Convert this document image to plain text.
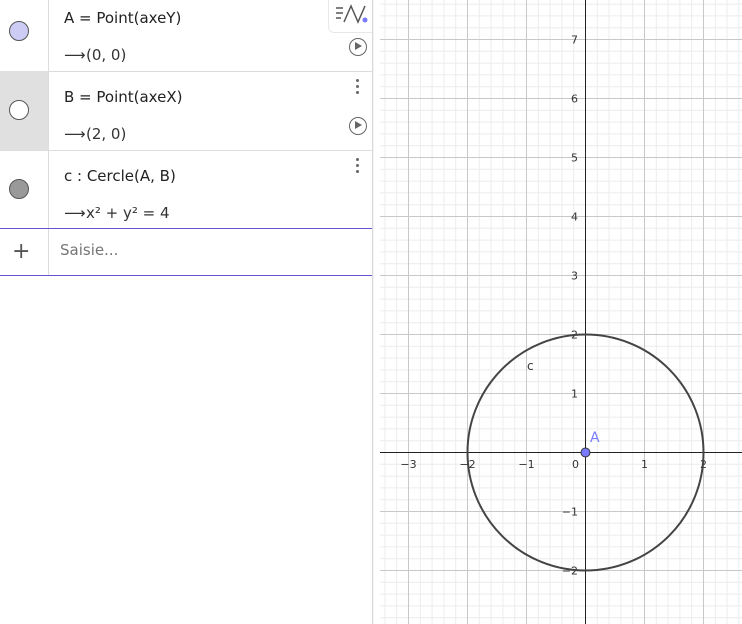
A = Point(axeY)
⟶(0, 0)
B = Point(axeX)
⟶(2, 0)
c : Cercle(A, B)
⟶x² + y² = 4
+
Saisie...
−3	−2	−1	1	2
7
6
5
4
3
2
1
−1
−2
0
c
A
